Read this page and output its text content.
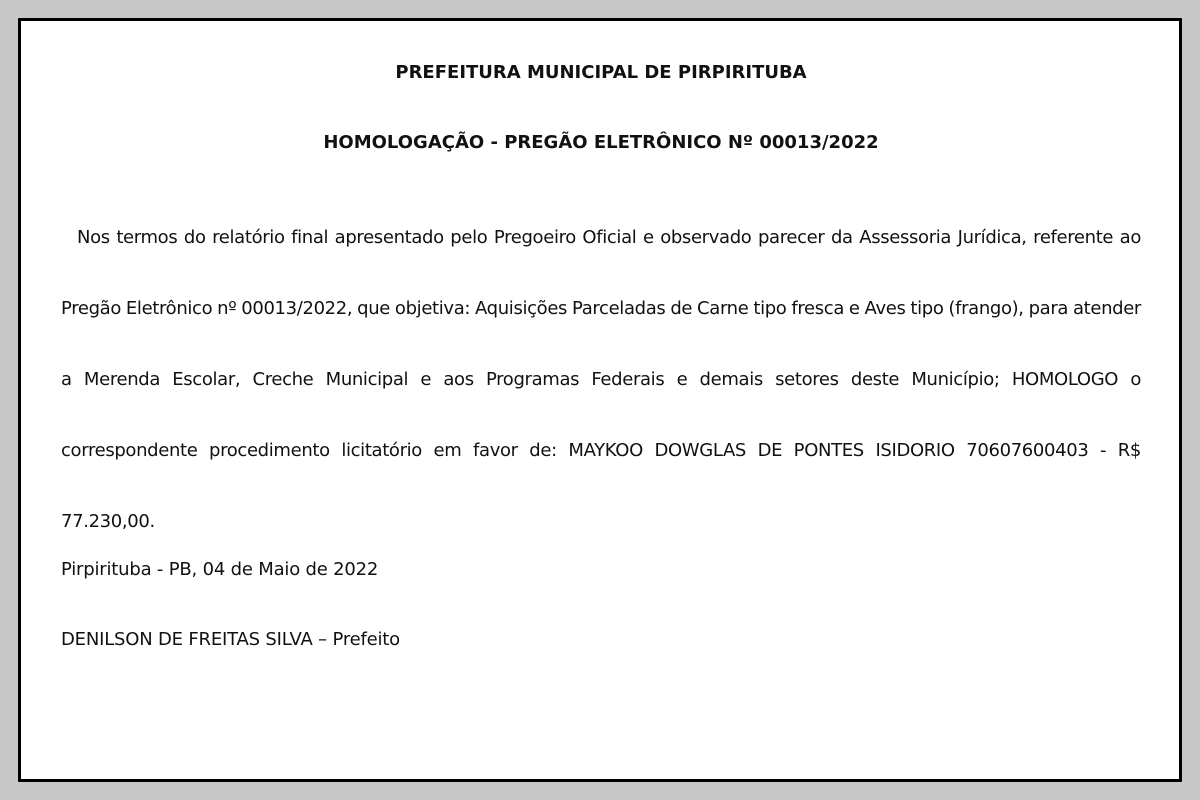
PREFEITURA MUNICIPAL DE PIRPIRITUBA
HOMOLOGAÇÃO - PREGÃO ELETRÔNICO Nº 00013/2022

Nos termos do relatório final apresentado pelo Pregoeiro Oficial e observado parecer da Assessoria Jurídica, referente ao Pregão Eletrônico nº 00013/2022, que objetiva: Aquisições Parceladas de Carne tipo fresca e Aves tipo (frango), para atender a Merenda Escolar, Creche Municipal e aos Programas Federais e demais setores deste Município; HOMOLOGO o correspondente procedimento licitatório em favor de: MAYKOO DOWGLAS DE PONTES ISIDORIO 70607600403 - R$ 77.230,00.

Pirpirituba - PB, 04 de Maio de 2022
DENILSON DE FREITAS SILVA – Prefeito
